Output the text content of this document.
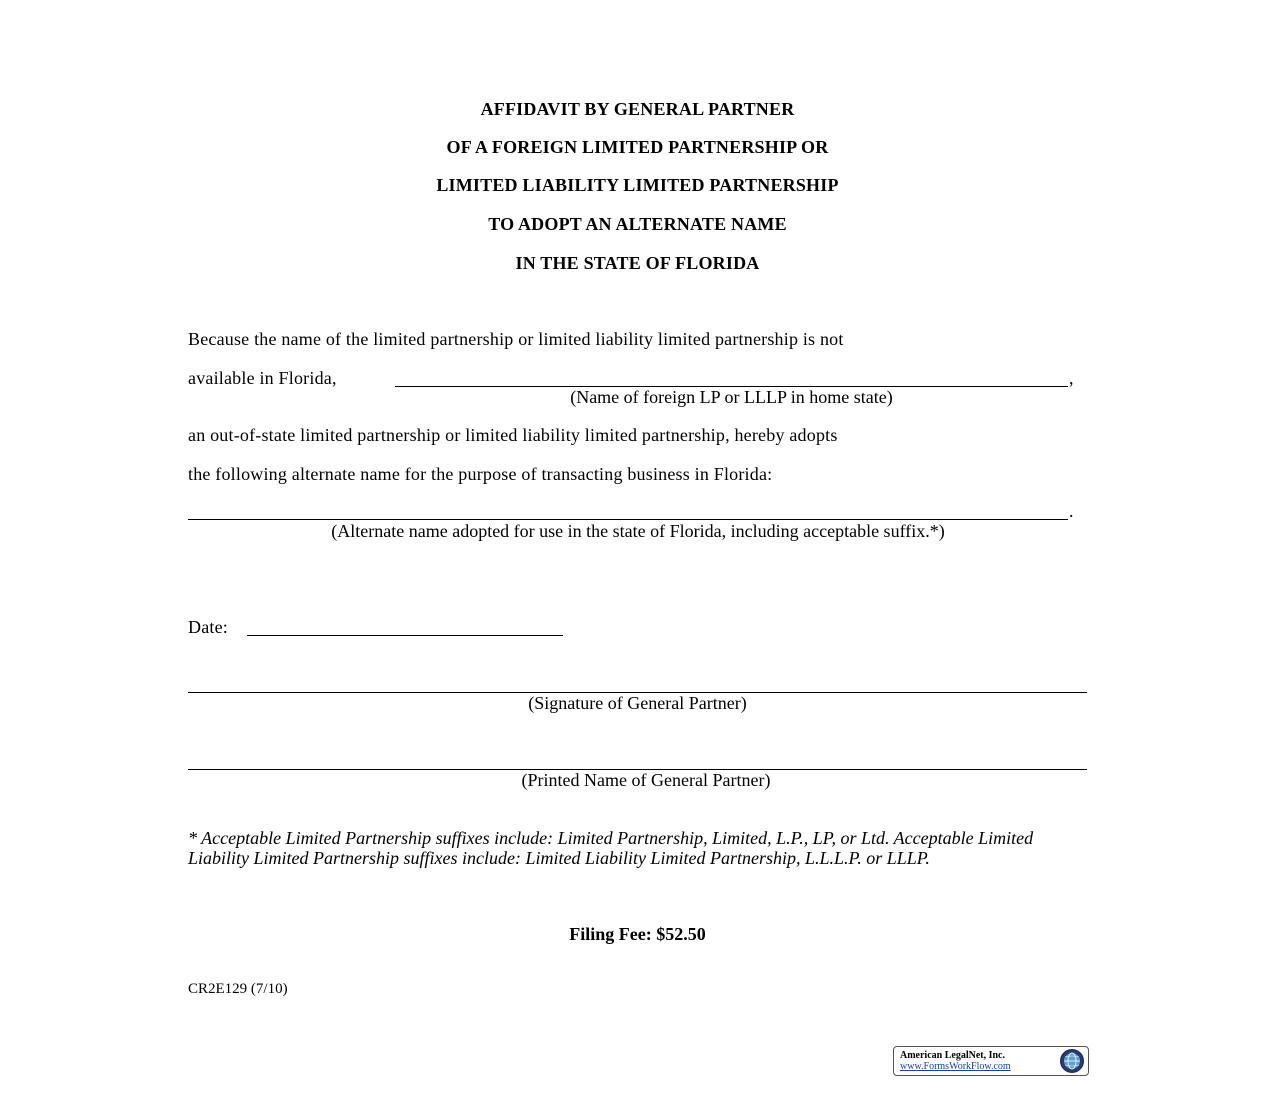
AFFIDAVIT BY GENERAL PARTNER
OF A FOREIGN LIMITED PARTNERSHIP OR
LIMITED LIABILITY LIMITED PARTNERSHIP
TO ADOPT AN ALTERNATE NAME
IN THE STATE OF FLORIDA
Because the name of the limited partnership or limited liability limited partnership is not
available in Florida,	,
(Name of foreign LP or LLLP in home state)
an out-of-state limited partnership or limited liability limited partnership, hereby adopts
the following alternate name for the purpose of transacting business in Florida:
.
(Alternate name adopted for use in the state of Florida, including acceptable suffix.*)
Date:
(Signature of General Partner)
(Printed Name of General Partner)
* Acceptable Limited Partnership suffixes include: Limited Partnership, Limited, L.P., LP, or Ltd. Acceptable Limited Liability Limited Partnership suffixes include: Limited Liability Limited Partnership, L.L.L.P. or LLLP.
Filing Fee: $52.50
CR2E129 (7/10)
American LegalNet, Inc.
www.FormsWorkFlow.com
